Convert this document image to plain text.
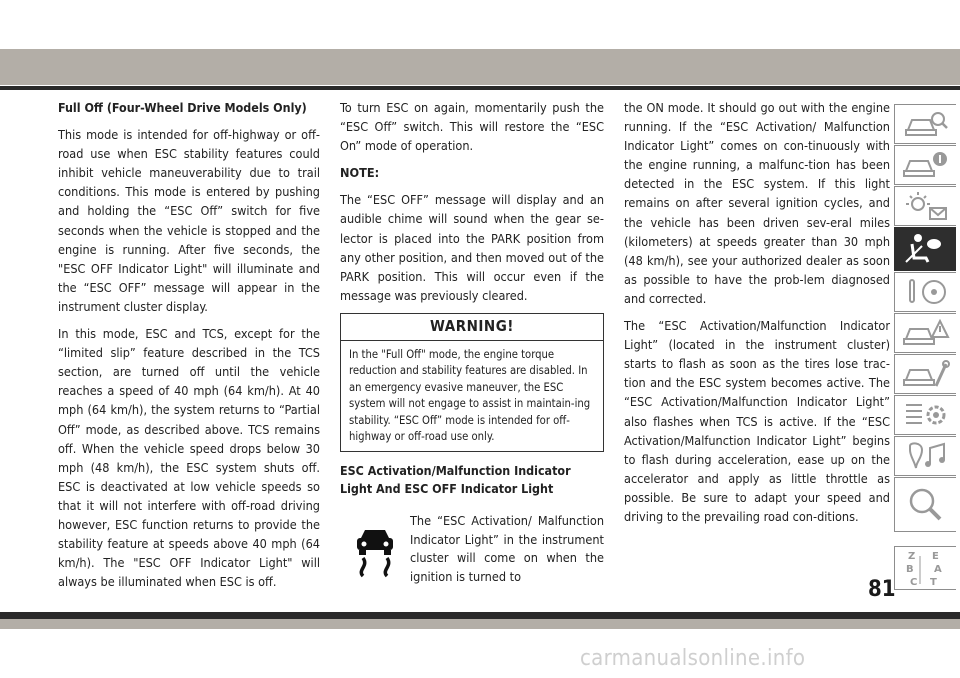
Full Off (Four-Wheel Drive Models Only)

This mode is intended for off-highway or off-road use when ESC stability features could inhibit vehicle maneuverability due to trail conditions. This mode is entered by pushing and holding the “ESC Off” switch for five seconds when the vehicle is stopped and the engine is running. After five seconds, the "ESC OFF Indicator Light" will illuminate and the “ESC OFF” message will appear in the instrument cluster display.

In this mode, ESC and TCS, except for the “limited slip” feature described in the TCS section, are turned off until the vehicle reaches a speed of 40 mph (64 km/h). At 40 mph (64 km/h), the system returns to “Partial Off” mode, as described above. TCS remains off. When the vehicle speed drops below 30 mph (48 km/h), the ESC system shuts off. ESC is deactivated at low vehicle speeds so that it will not interfere with off-road driving however, ESC function returns to provide the stability feature at speeds above 40 mph (64 km/h). The "ESC OFF Indicator Light" will always be illuminated when ESC is off.

To turn ESC on again, momentarily push the “ESC Off” switch. This will restore the “ESC On” mode of operation.

NOTE:

The “ESC OFF” message will display and an audible chime will sound when the gear se-lector is placed into the PARK position from any other position, and then moved out of the PARK position. This will occur even if the message was previously cleared.

WARNING!
In the "Full Off" mode, the engine torque reduction and stability features are disabled. In an emergency evasive maneuver, the ESC system will not engage to assist in maintain-ing stability. “ESC Off” mode is intended for off-highway or off-road use only.

ESC Activation/Malfunction Indicator Light And ESC OFF Indicator Light

The “ESC Activation/ Malfunction Indicator Light” in the instrument cluster will come on when the ignition is turned to

the ON mode. It should go out with the engine running. If the “ESC Activation/ Malfunction Indicator Light” comes on con-tinuously with the engine running, a malfunc-tion has been detected in the ESC system. If this light remains on after several ignition cycles, and the vehicle has been driven sev-eral miles (kilometers) at speeds greater than 30 mph (48 km/h), see your authorized dealer as soon as possible to have the prob-lem diagnosed and corrected.

The “ESC Activation/Malfunction Indicator Light” (located in the instrument cluster) starts to flash as soon as the tires lose trac-tion and the ESC system becomes active. The “ESC Activation/Malfunction Indicator Light” also flashes when TCS is active. If the “ESC Activation/Malfunction Indicator Light” begins to flash during acceleration, ease up on the accelerator and apply as little throttle as possible. Be sure to adapt your speed and driving to the prevailing road con-ditions.

Z E
B A
C T
81
carmanualsonline.info
